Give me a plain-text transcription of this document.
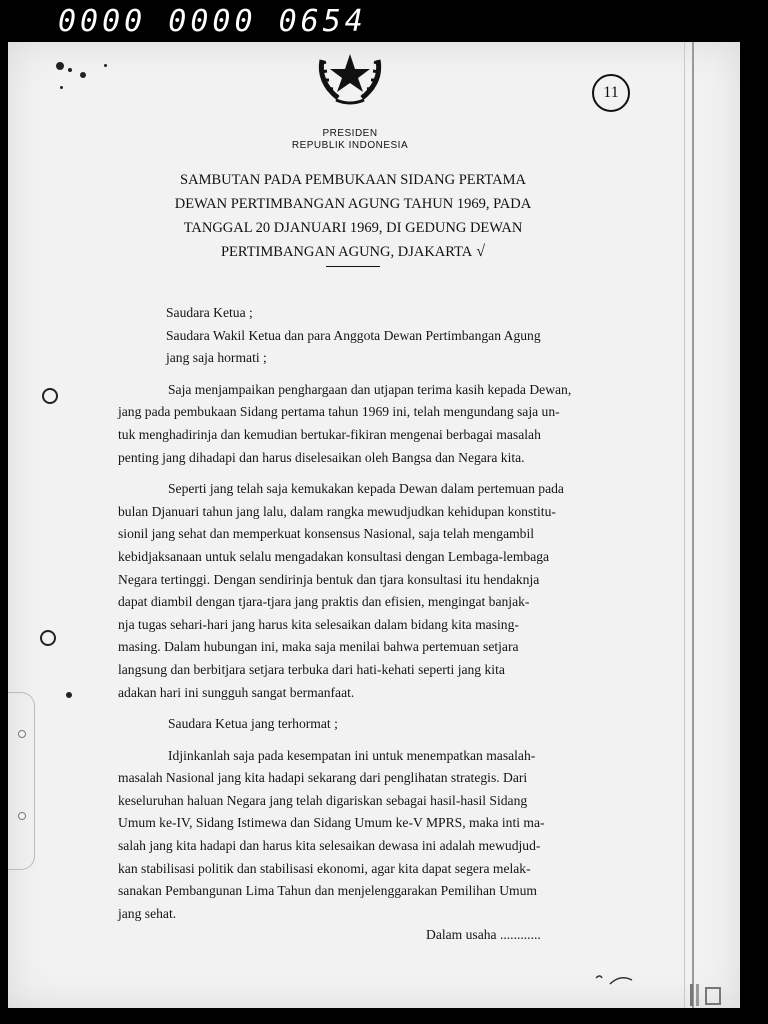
0000 0000 0654
11
PRESIDEN
REPUBLIK INDONESIA
SAMBUTAN PADA PEMBUKAAN SIDANG PERTAMA
DEWAN PERTIMBANGAN AGUNG TAHUN 1969, PADA
TANGGAL 20 DJANUARI 1969, DI GEDUNG DEWAN
PERTIMBANGAN AGUNG, DJAKARTA √
Saudara Ketua ;
Saudara Wakil Ketua dan para Anggota Dewan Pertimbangan Agung
jang saja hormati ;
Saja menjampaikan penghargaan dan utjapan terima kasih kepada Dewan,
jang pada pembukaan Sidang pertama tahun 1969 ini, telah mengundang saja un-
tuk menghadirinja dan kemudian bertukar-fikiran mengenai berbagai masalah
penting jang dihadapi dan harus diselesaikan oleh Bangsa dan Negara kita.
Seperti jang telah saja kemukakan kepada Dewan dalam pertemuan pada
bulan Djanuari tahun jang lalu, dalam rangka mewudjudkan kehidupan konstitu-
sionil jang sehat dan memperkuat konsensus Nasional, saja telah mengambil
kebidjaksanaan untuk selalu mengadakan konsultasi dengan Lembaga-lembaga
Negara tertinggi. Dengan sendirinja bentuk dan tjara konsultasi itu hendaknja
dapat diambil dengan tjara-tjara jang praktis dan efisien, mengingat banjak-
nja tugas sehari-hari jang harus kita selesaikan dalam bidang kita masing-
masing. Dalam hubungan ini, maka saja menilai bahwa pertemuan setjara
langsung dan berbitjara setjara terbuka dari hati-kehati seperti jang kita
adakan hari ini sungguh sangat bermanfaat.
Saudara Ketua jang terhormat ;
Idjinkanlah saja pada kesempatan ini untuk menempatkan masalah-
masalah Nasional jang kita hadapi sekarang dari penglihatan strategis. Dari
keseluruhan haluan Negara jang telah digariskan sebagai hasil-hasil Sidang
Umum ke-IV, Sidang Istimewa dan Sidang Umum ke-V MPRS, maka inti ma-
salah jang kita hadapi dan harus kita selesaikan dewasa ini adalah mewudjud-
kan stabilisasi politik dan stabilisasi ekonomi, agar kita dapat segera melak-
sanakan Pembangunan Lima Tahun dan menjelenggarakan Pemilihan Umum
jang sehat.
Dalam usaha ............
